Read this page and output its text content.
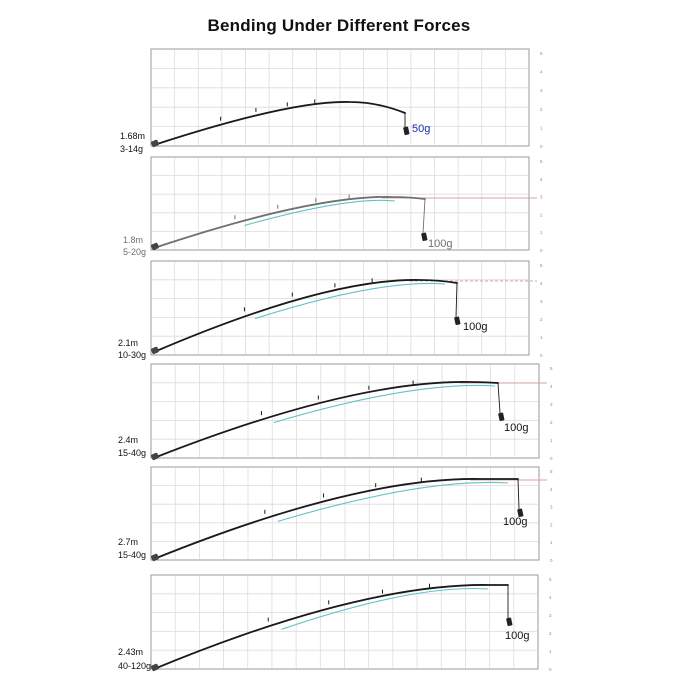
Bending Under Different Forces
0
1
2
3
4
5
50g
1.68m
3-14g
0
1
2
3
4
5
100g
1.8m
5-20g
0
1
2
3
4
5
100g
2.1m
10-30g
0
1
2
3
4
5
100g
2.4m
15-40g
0
1
2
3
4
5
100g
2.7m
15-40g
0
1
2
3
4
5
100g
2.43m
40-120g
